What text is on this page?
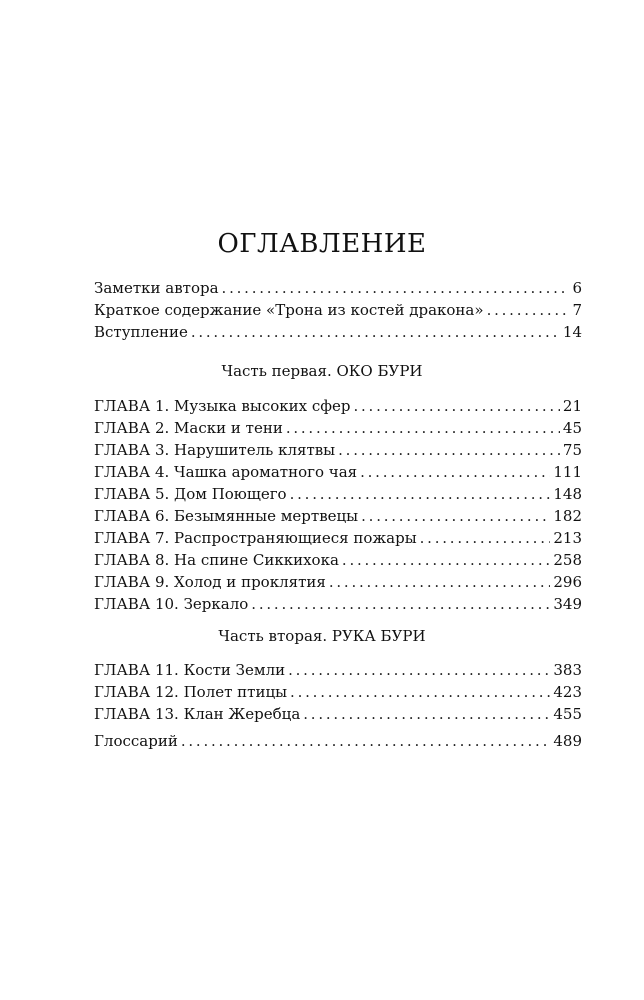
ОГЛАВЛЕНИЕ
Заметки автора . . .	6
Краткое содержание «Трона из костей дракона» . . .	7
Вступление . . .	14
Часть первая. ОКО БУРИ
ГЛАВА 1. Музыка высоких сфер . . .	21
ГЛАВА 2. Маски и тени . . .	45
ГЛАВА 3. Нарушитель клятвы . . .	75
ГЛАВА 4. Чашка ароматного чая . . .	111
ГЛАВА 5. Дом Поющего . . .	148
ГЛАВА 6. Безымянные мертвецы . . .	182
ГЛАВА 7. Распространяющиеся пожары . . .	213
ГЛАВА 8. На спине Сиккихока . . .	258
ГЛАВА 9. Холод и проклятия . . .	296
ГЛАВА 10. Зеркало . . .	349
Часть вторая. РУКА БУРИ
ГЛАВА 11. Кости Земли . . .	383
ГЛАВА 12. Полет птицы . . .	423
ГЛАВА 13. Клан Жеребца . . .	455
Глоссарий . . .	489
